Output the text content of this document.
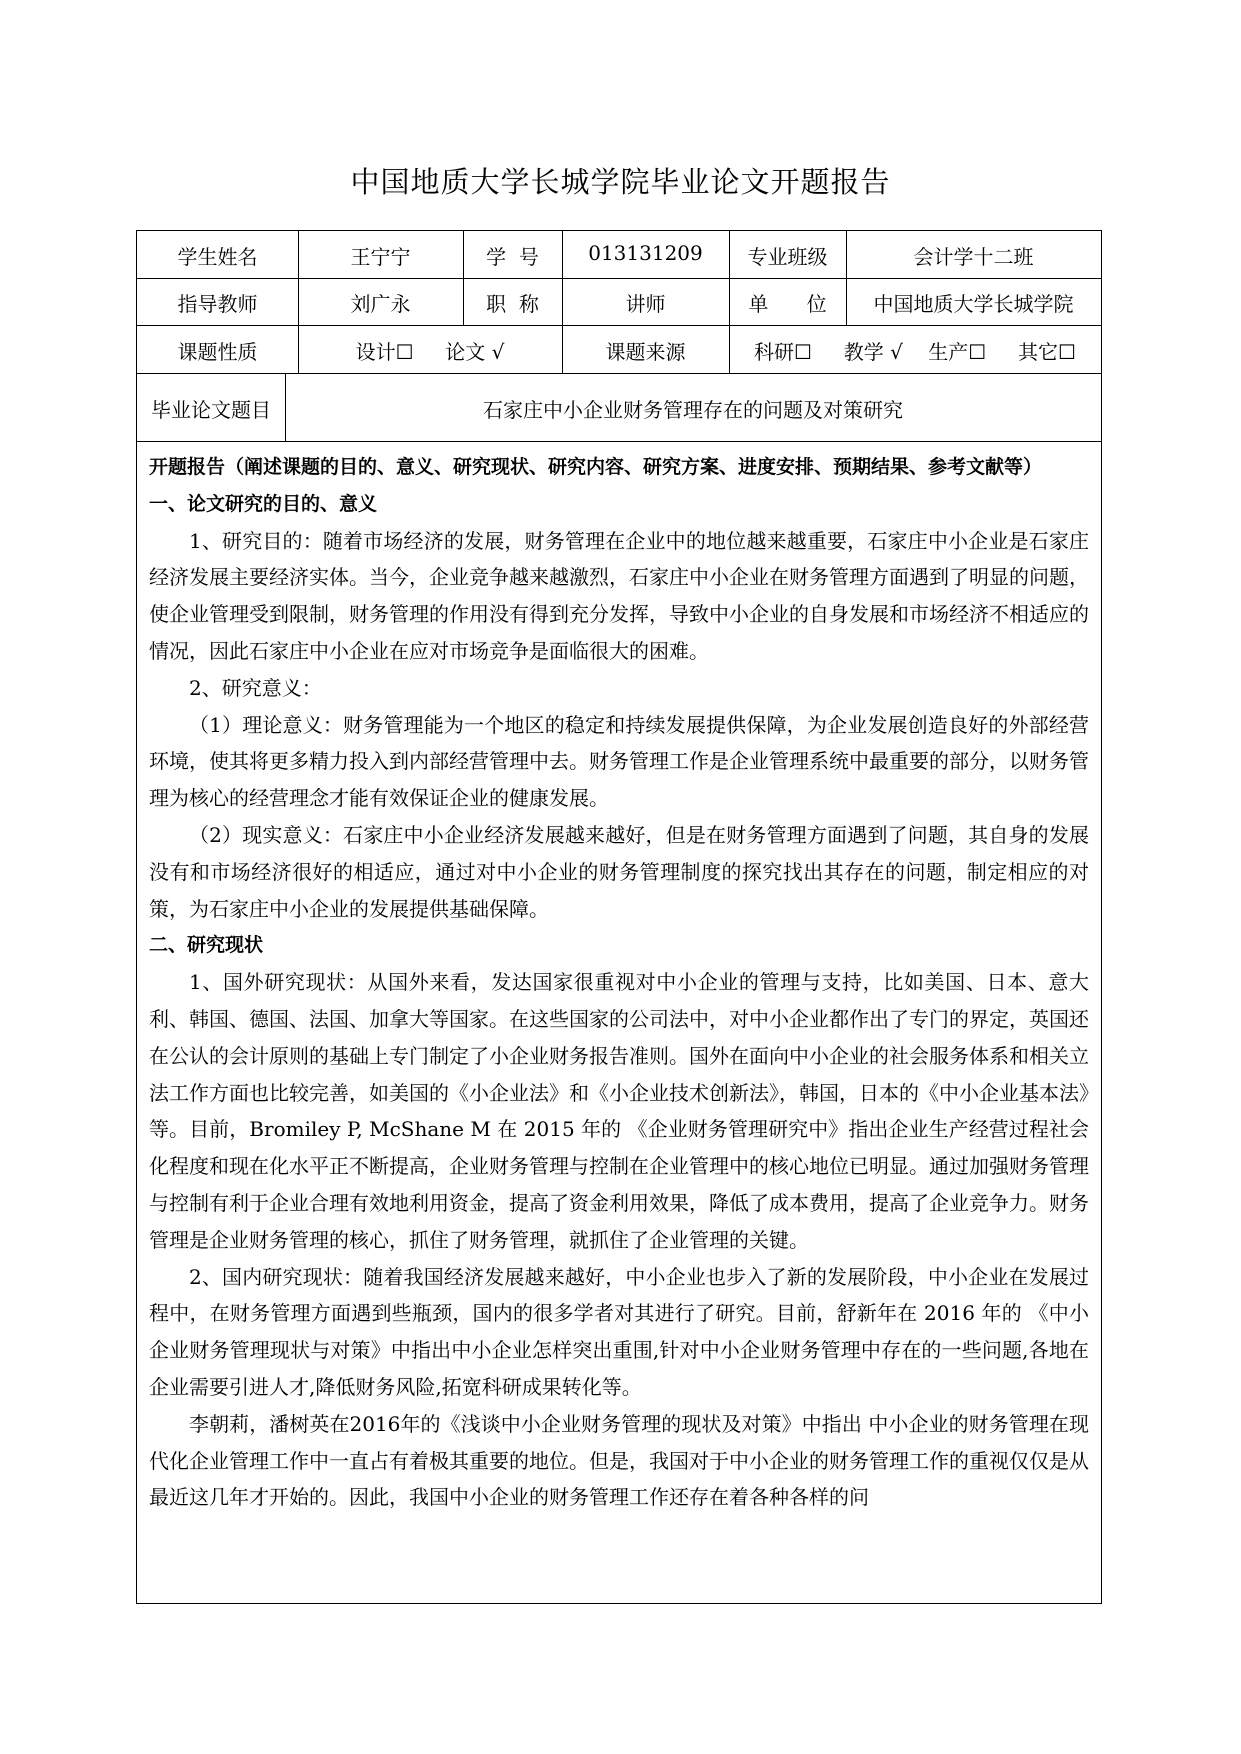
中国地质大学长城学院毕业论文开题报告
学生姓名	王宁宁	学  号	013131209	专业班级	会计学十二班
指导教师	刘广永	职  称	讲师	单      位	中国地质大学长城学院
课题性质	设计☐     论文 √	课题来源	科研☐     教学 √    生产☐     其它☐
毕业论文题目	石家庄中小企业财务管理存在的问题及对策研究

开题报告（阐述课题的目的、意义、研究现状、研究内容、研究方案、进度安排、预期结果、参考文献等）

一、论文研究的目的、意义

1、研究目的：随着市场经济的发展，财务管理在企业中的地位越来越重要，石家庄中小企业是石家庄经济发展主要经济实体。当今，企业竞争越来越激烈，石家庄中小企业在财务管理方面遇到了明显的问题，使企业管理受到限制，财务管理的作用没有得到充分发挥，导致中小企业的自身发展和市场经济不相适应的情况，因此石家庄中小企业在应对市场竞争是面临很大的困难。

2、研究意义：

（1）理论意义：财务管理能为一个地区的稳定和持续发展提供保障，为企业发展创造良好的外部经营环境，使其将更多精力投入到内部经营管理中去。财务管理工作是企业管理系统中最重要的部分，以财务管理为核心的经营理念才能有效保证企业的健康发展。

（2）现实意义：石家庄中小企业经济发展越来越好，但是在财务管理方面遇到了问题，其自身的发展没有和市场经济很好的相适应，通过对中小企业的财务管理制度的探究找出其存在的问题，制定相应的对策，为石家庄中小企业的发展提供基础保障。

二、研究现状

1、国外研究现状：从国外来看，发达国家很重视对中小企业的管理与支持，比如美国、日本、意大利、韩国、德国、法国、加拿大等国家。在这些国家的公司法中，对中小企业都作出了专门的界定，英国还在公认的会计原则的基础上专门制定了小企业财务报告准则。国外在面向中小企业的社会服务体系和相关立法工作方面也比较完善，如美国的《小企业法》和《小企业技术创新法》，韩国，日本的《中小企业基本法》等。目前，Bromiley P, McShane M 在 2015 年的 《企业财务管理研究中》指出企业生产经营过程社会化程度和现在化水平正不断提高，企业财务管理与控制在企业管理中的核心地位已明显。通过加强财务管理与控制有利于企业合理有效地利用资金，提高了资金利用效果，降低了成本费用，提高了企业竞争力。财务管理是企业财务管理的核心，抓住了财务管理，就抓住了企业管理的关键。

2、国内研究现状：随着我国经济发展越来越好，中小企业也步入了新的发展阶段，中小企业在发展过程中，在财务管理方面遇到些瓶颈，国内的很多学者对其进行了研究。目前，舒新年在 2016 年的 《中小企业财务管理现状与对策》中指出中小企业怎样突出重围,针对中小企业财务管理中存在的一些问题,各地在企业需要引进人才,降低财务风险,拓宽科研成果转化等。

李朝莉，潘树英在2016年的《浅谈中小企业财务管理的现状及对策》中指出 中小企业的财务管理在现代化企业管理工作中一直占有着极其重要的地位。但是，我国对于中小企业的财务管理工作的重视仅仅是从最近这几年才开始的。因此，我国中小企业的财务管理工作还存在着各种各样的问
